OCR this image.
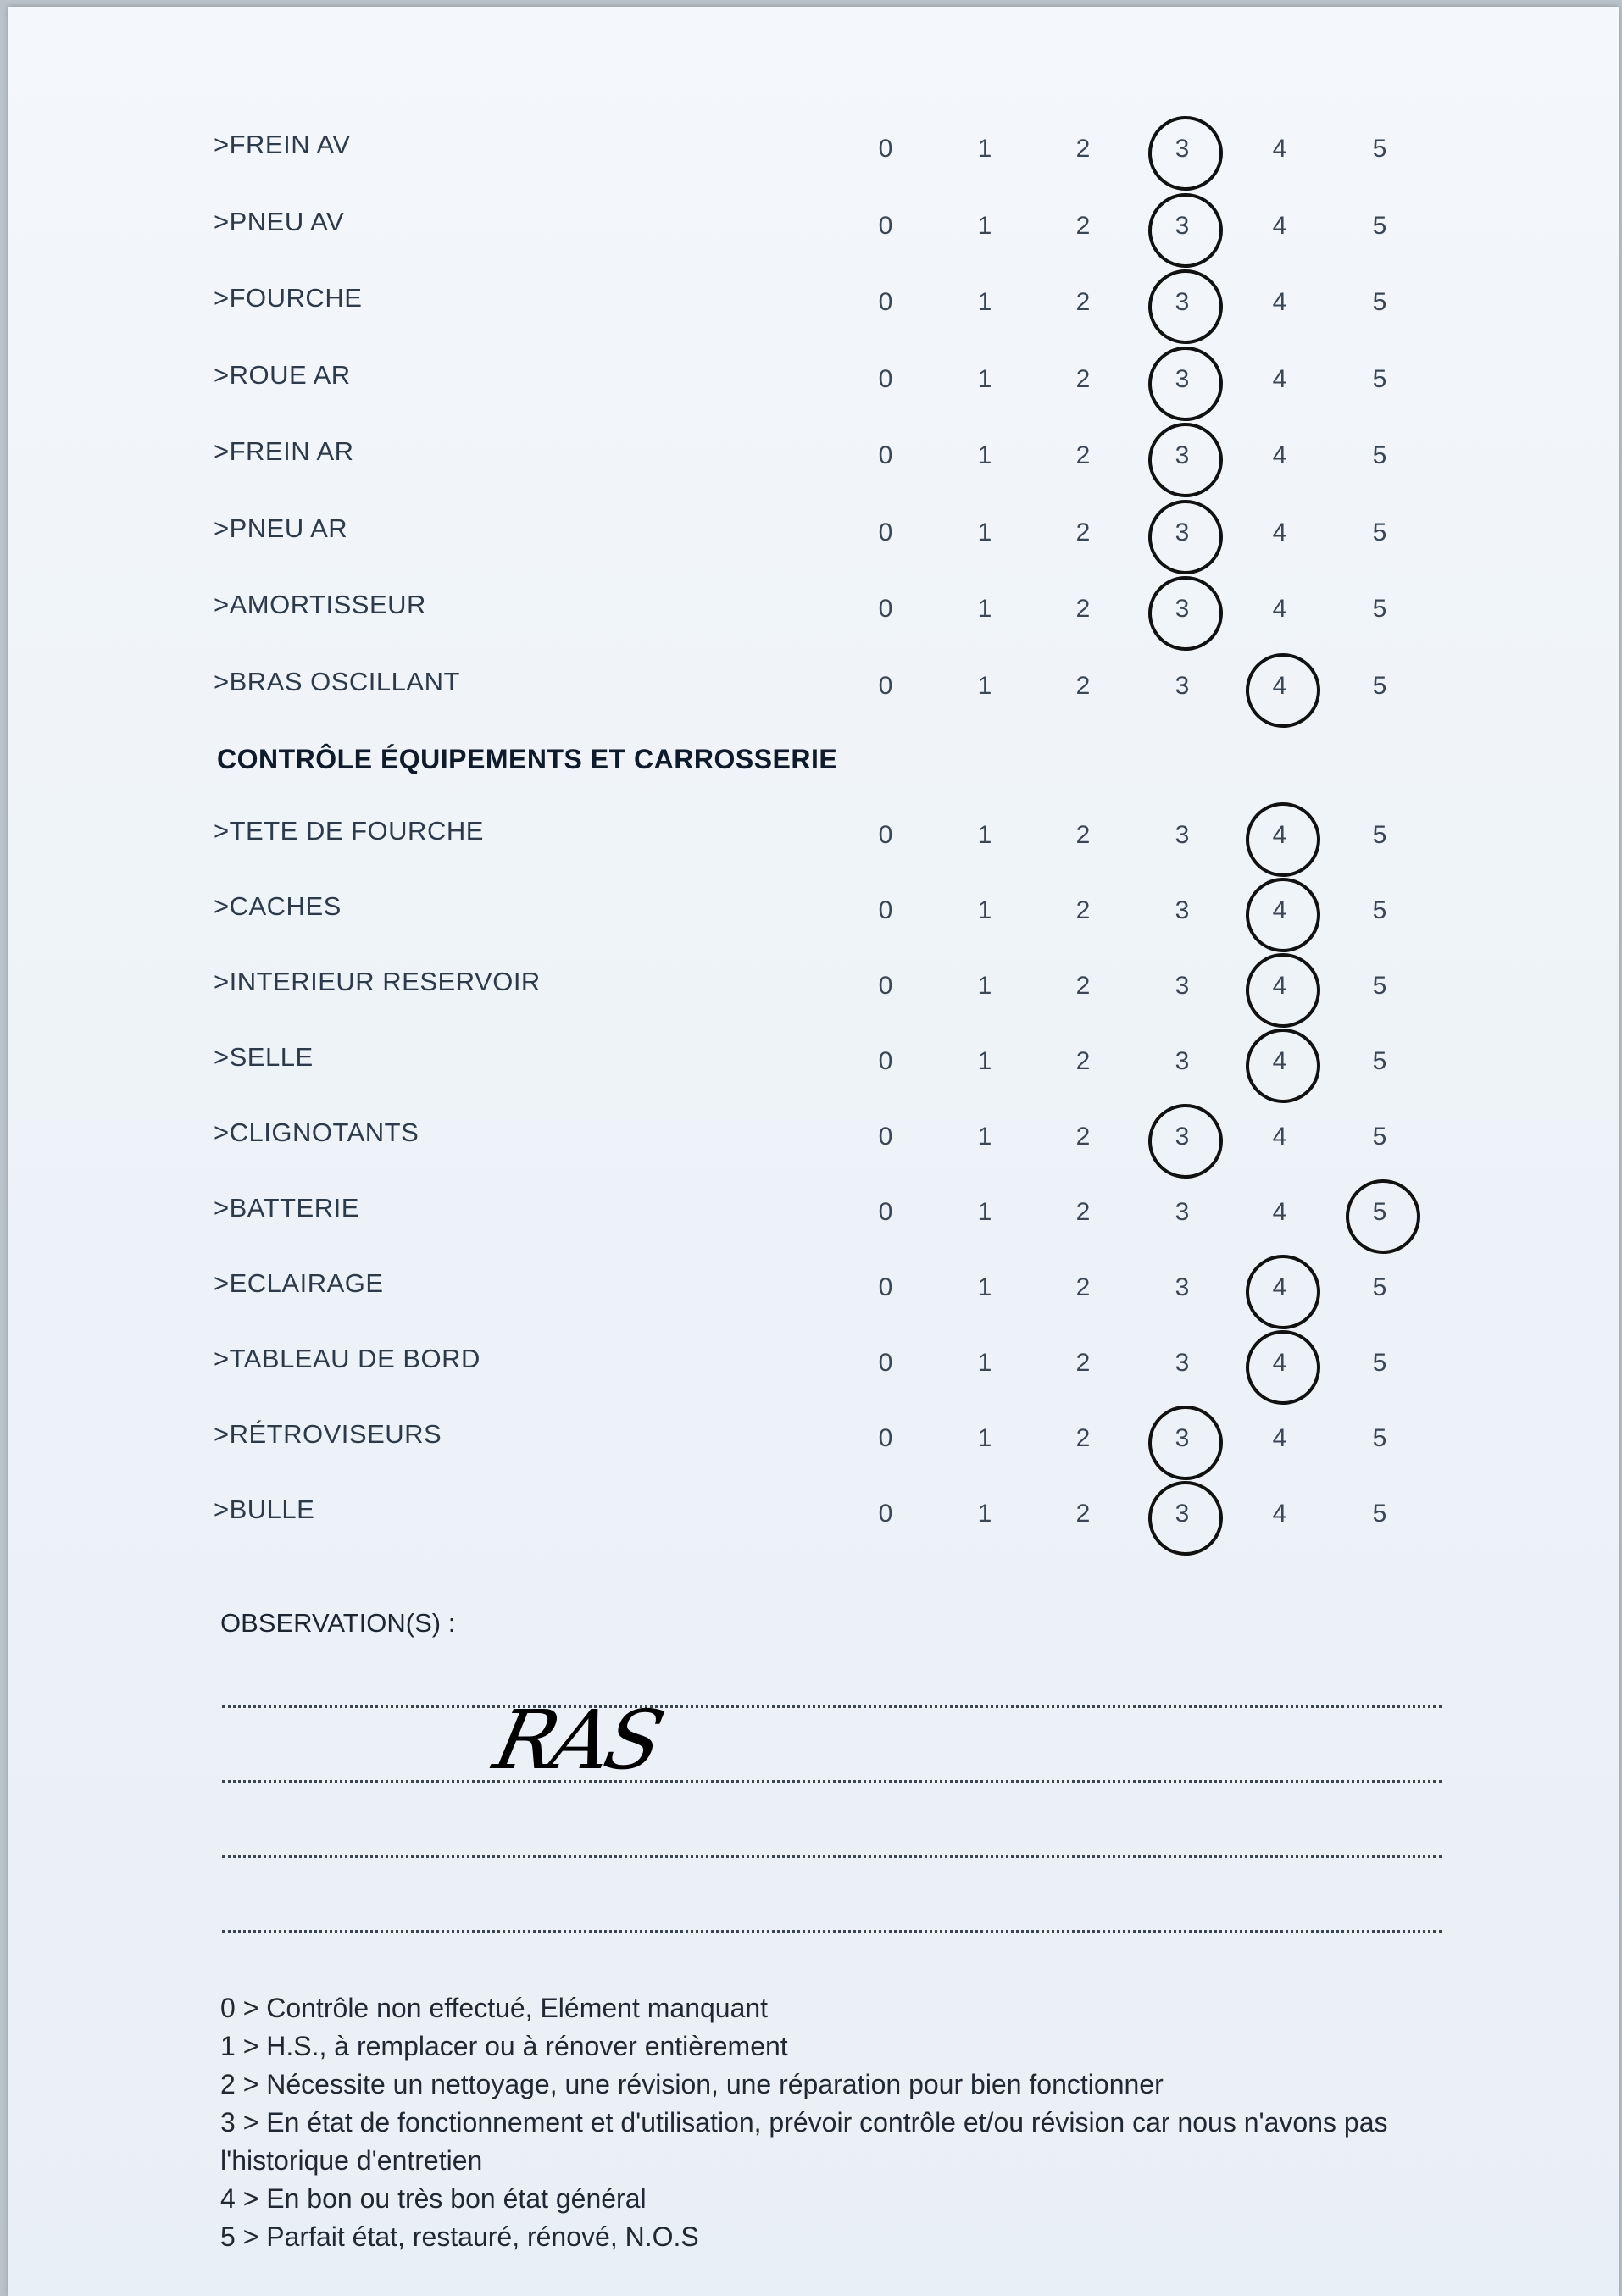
>FREIN AV	0	1	2	3	4	5
>PNEU AV	0	1	2	3	4	5
>FOURCHE	0	1	2	3	4	5
>ROUE AR	0	1	2	3	4	5
>FREIN AR	0	1	2	3	4	5
>PNEU AR	0	1	2	3	4	5
>AMORTISSEUR	0	1	2	3	4	5
>BRAS OSCILLANT	0	1	2	3	4	5
CONTRÔLE ÉQUIPEMENTS ET CARROSSERIE
>TETE DE FOURCHE	0	1	2	3	4	5
>CACHES	0	1	2	3	4	5
>INTERIEUR RESERVOIR	0	1	2	3	4	5
>SELLE	0	1	2	3	4	5
>CLIGNOTANTS	0	1	2	3	4	5
>BATTERIE	0	1	2	3	4	5
>ECLAIRAGE	0	1	2	3	4	5
>TABLEAU DE BORD	0	1	2	3	4	5
>RÉTROVISEURS	0	1	2	3	4	5
>BULLE	0	1	2	3	4	5
OBSERVATION(S) :
RAS
0 > Contrôle non effectué, Elément manquant
1 > H.S., à remplacer ou à rénover entièrement
2 > Nécessite un nettoyage, une révision, une réparation pour bien fonctionner
3 > En état de fonctionnement et d'utilisation, prévoir contrôle et/ou révision car nous n'avons pas l'historique d'entretien
4 > En bon ou très bon état général
5 > Parfait état, restauré, rénové, N.O.S
